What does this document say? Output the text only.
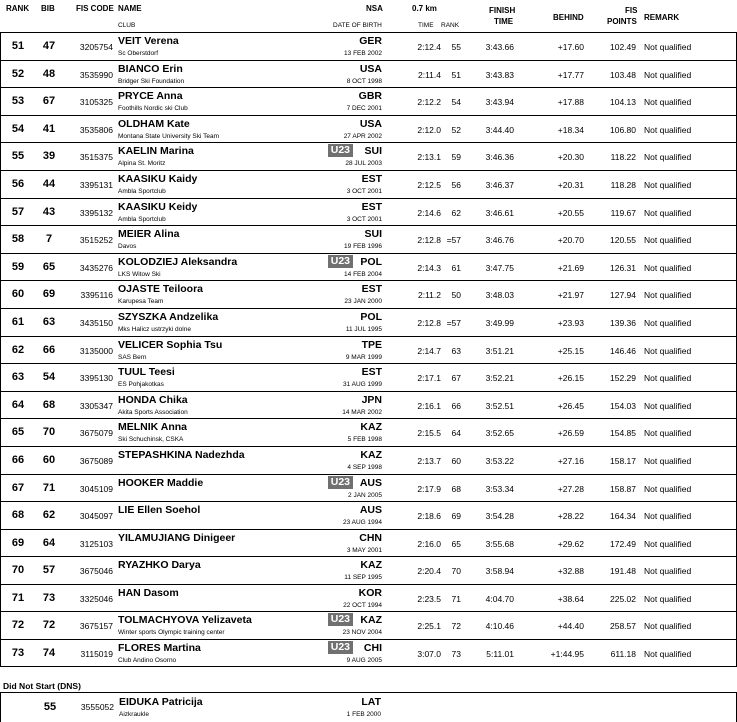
RANK BIB	FIS CODE NAME
CLUB
NSA
DATE OF BIRTH
0.7 km
TIME RANK
FINISH
TIME	BEHIND
FIS
POINTS REMARK
51	47	3205754 VEIT Verena
Sc Oberstdorf
GER
13 FEB 2002
2:12.4	55	3:43.66	+17.60	102.49 Not qualified
52	48	3535990 BIANCO Erin
Bridger Ski Foundation
USA
8 OCT 1998
2:11.4	51	3:43.83	+17.77	103.48 Not qualified
53	67	3105325 PRYCE Anna
Foothills Nordic ski Club
GBR
7 DEC 2001
2:12.2	54	3:43.94	+17.88	104.13 Not qualified
54	41	3535806 OLDHAM Kate
Montana State University Ski Team
USA
27 APR 2002
2:12.0	52	3:44.40	+18.34	106.80 Not qualified
55	39	3515375 KAELIN Marina
Alpina St. Moritz
U23 SUI
28 JUL 2003
2:13.1	59	3:46.36	+20.30	118.22 Not qualified
56	44	3395131 KAASIKU Kaidy
Ambla Sportclub
EST
3 OCT 2001
2:12.5	56	3:46.37	+20.31	118.28 Not qualified
57	43	3395132 KAASIKU Keidy
Ambla Sportclub
EST
3 OCT 2001
2:14.6	62	3:46.61	+20.55	119.67 Not qualified
58	7	3515252 MEIER Alina
Davos
SUI
19 FEB 1996
2:12.8 =57	3:46.76	+20.70	120.55 Not qualified
59	65	3435276 KOLODZIEJ Aleksandra
LKS Witow Ski
U23 POL
14 FEB 2004
2:14.3	61	3:47.75	+21.69	126.31 Not qualified
60	69	3395116 OJASTE Teiloora
Karupesa Team
EST
23 JAN 2000
2:11.2	50	3:48.03	+21.97	127.94 Not qualified
61	63	3435150 SZYSZKA Andzelika
Mks Halicz ustrzyki dolne
POL
11 JUL 1995
2:12.8 =57	3:49.99	+23.93	139.36 Not qualified
62	66	3135000 VELICER Sophia Tsu
SAS Bern
TPE
9 MAR 1999
2:14.7	63	3:51.21	+25.15	146.46 Not qualified
63	54	3395130 TUUL Teesi
ES Pohjakotkas
EST
31 AUG 1999
2:17.1	67	3:52.21	+26.15	152.29 Not qualified
64	68	3305347 HONDA Chika
Akita Sports Association
JPN
14 MAR 2002
2:16.1	66	3:52.51	+26.45	154.03 Not qualified
65	70	3675079 MELNIK Anna
Ski Schuchinsk, CSKA
KAZ
5 FEB 1998
2:15.5	64	3:52.65	+26.59	154.85 Not qualified
66	60	3675089 STEPASHKINA Nadezhda	KAZ
4 SEP 1998
2:13.7	60	3:53.22	+27.16	158.17 Not qualified
67	71	3045109 HOOKER Maddie	U23 AUS
2 JAN 2005
2:17.9	68	3:53.34	+27.28	158.87 Not qualified
68	62	3045097 LIE Ellen Soehol	AUS
23 AUG 1994
2:18.6	69	3:54.28	+28.22	164.34 Not qualified
69	64	3125103 YILAMUJIANG Dinigeer	CHN
3 MAY 2001
2:16.0	65	3:55.68	+29.62	172.49 Not qualified
70	57	3675046 RYAZHKO Darya	KAZ
11 SEP 1995
2:20.4	70	3:58.94	+32.88	191.48 Not qualified
71	73	3325046 HAN Dasom	KOR
22 OCT 1994
2:23.5	71	4:04.70	+38.64	225.02 Not qualified
72	72	3675157 TOLMACHYOVA Yelizaveta
Winter sports Olympic training center
U23 KAZ
23 NOV 2004
2:25.1	72	4:10.46	+44.40	258.57 Not qualified
73	74	3115019 FLORES Martina
Club Andino Osorno
U23 CHI
9 AUG 2005
3:07.0	73	5:11.01	+1:44.95	611.18 Not qualified
Did Not Start (DNS)
55	3555052 EIDUKA Patricija
Aizkraukle
LAT
1 FEB 2000
